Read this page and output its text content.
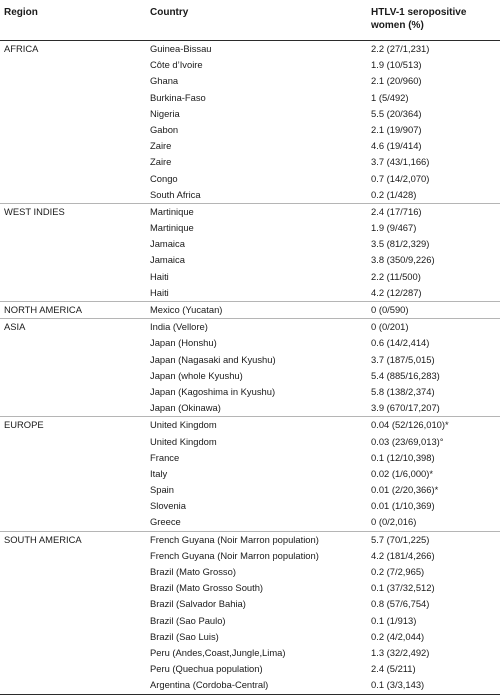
Region	Country	HTLV-1 seropositive
women (%)
AFRICA	Guinea-Bissau	2.2 (27/1,231)
Côte d’Ivoire	1.9 (10/513)
Ghana	2.1 (20/960)
Burkina-Faso	1 (5/492)
Nigeria	5.5 (20/364)
Gabon	2.1 (19/907)
Zaire	4.6 (19/414)
Zaire	3.7 (43/1,166)
Congo	0.7 (14/2,070)
South Africa	0.2 (1/428)
WEST INDIES	Martinique	2.4 (17/716)
Martinique	1.9 (9/467)
Jamaica	3.5 (81/2,329)
Jamaica	3.8 (350/9,226)
Haiti	2.2 (11/500)
Haiti	4.2 (12/287)
NORTH AMERICA	Mexico (Yucatan)	0 (0/590)
ASIA	India (Vellore)	0 (0/201)
Japan (Honshu)	0.6 (14/2,414)
Japan (Nagasaki and Kyushu)	3.7 (187/5,015)
Japan (whole Kyushu)	5.4 (885/16,283)
Japan (Kagoshima in Kyushu)	5.8 (138/2,374)
Japan (Okinawa)	3.9 (670/17,207)
EUROPE	United Kingdom	0.04 (52/126,010)*
United Kingdom	0.03 (23/69,013)°
France	0.1 (12/10,398)
Italy	0.02 (1/6,000)*
Spain	0.01 (2/20,366)*
Slovenia	0.01 (1/10,369)
Greece	0 (0/2,016)
SOUTH AMERICA	French Guyana (Noir Marron population)	5.7 (70/1,225)
French Guyana (Noir Marron population)	4.2 (181/4,266)
Brazil (Mato Grosso)	0.2 (7/2,965)
Brazil (Mato Grosso South)	0.1 (37/32,512)
Brazil (Salvador Bahia)	0.8 (57/6,754)
Brazil (Sao Paulo)	0.1 (1/913)
Brazil (Sao Luis)	0.2 (4/2,044)
Peru (Andes,Coast,Jungle,Lima)	1.3 (32/2,492)
Peru (Quechua population)	2.4 (5/211)
Argentina (Cordoba-Central)	0.1 (3/3,143)
